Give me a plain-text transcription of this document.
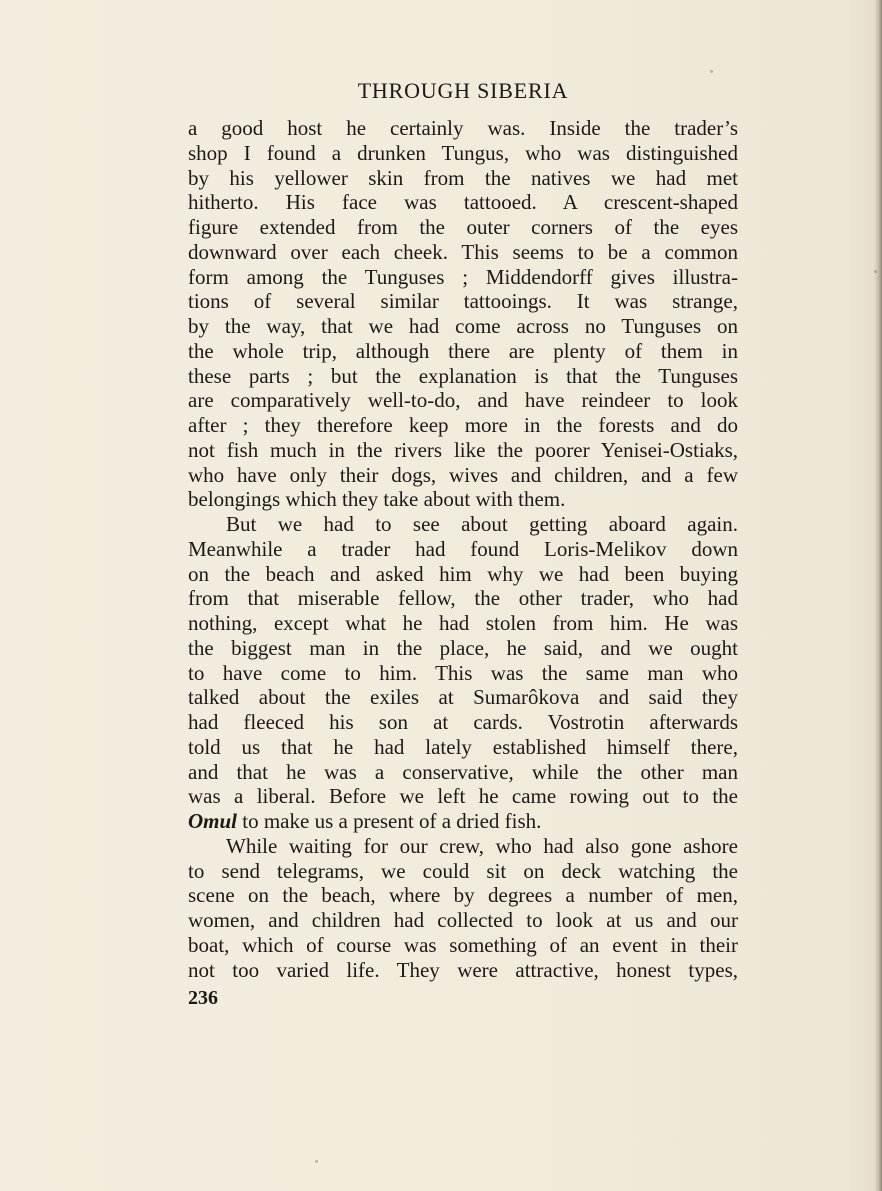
THROUGH SIBERIA
a good host he certainly was. Inside the trader’s
shop I found a drunken Tungus, who was distinguished
by his yellower skin from the natives we had met
hitherto. His face was tattooed. A crescent-shaped
figure extended from the outer corners of the eyes
downward over each cheek. This seems to be a common
form among the Tunguses ; Middendorff gives illustra-
tions of several similar tattooings. It was strange,
by the way, that we had come across no Tunguses on
the whole trip, although there are plenty of them in
these parts ; but the explanation is that the Tunguses
are comparatively well-to-do, and have reindeer to look
after ; they therefore keep more in the forests and do
not fish much in the rivers like the poorer Yenisei-Ostiaks,
who have only their dogs, wives and children, and a few
belongings which they take about with them.
But we had to see about getting aboard again.
Meanwhile a trader had found Loris-Melikov down
on the beach and asked him why we had been buying
from that miserable fellow, the other trader, who had
nothing, except what he had stolen from him. He was
the biggest man in the place, he said, and we ought
to have come to him. This was the same man who
talked about the exiles at Sumarôkova and said they
had fleeced his son at cards. Vostrotin afterwards
told us that he had lately established himself there,
and that he was a conservative, while the other man
was a liberal. Before we left he came rowing out to the
Omul to make us a present of a dried fish.
While waiting for our crew, who had also gone ashore
to send telegrams, we could sit on deck watching the
scene on the beach, where by degrees a number of men,
women, and children had collected to look at us and our
boat, which of course was something of an event in their
not too varied life. They were attractive, honest types,
236
